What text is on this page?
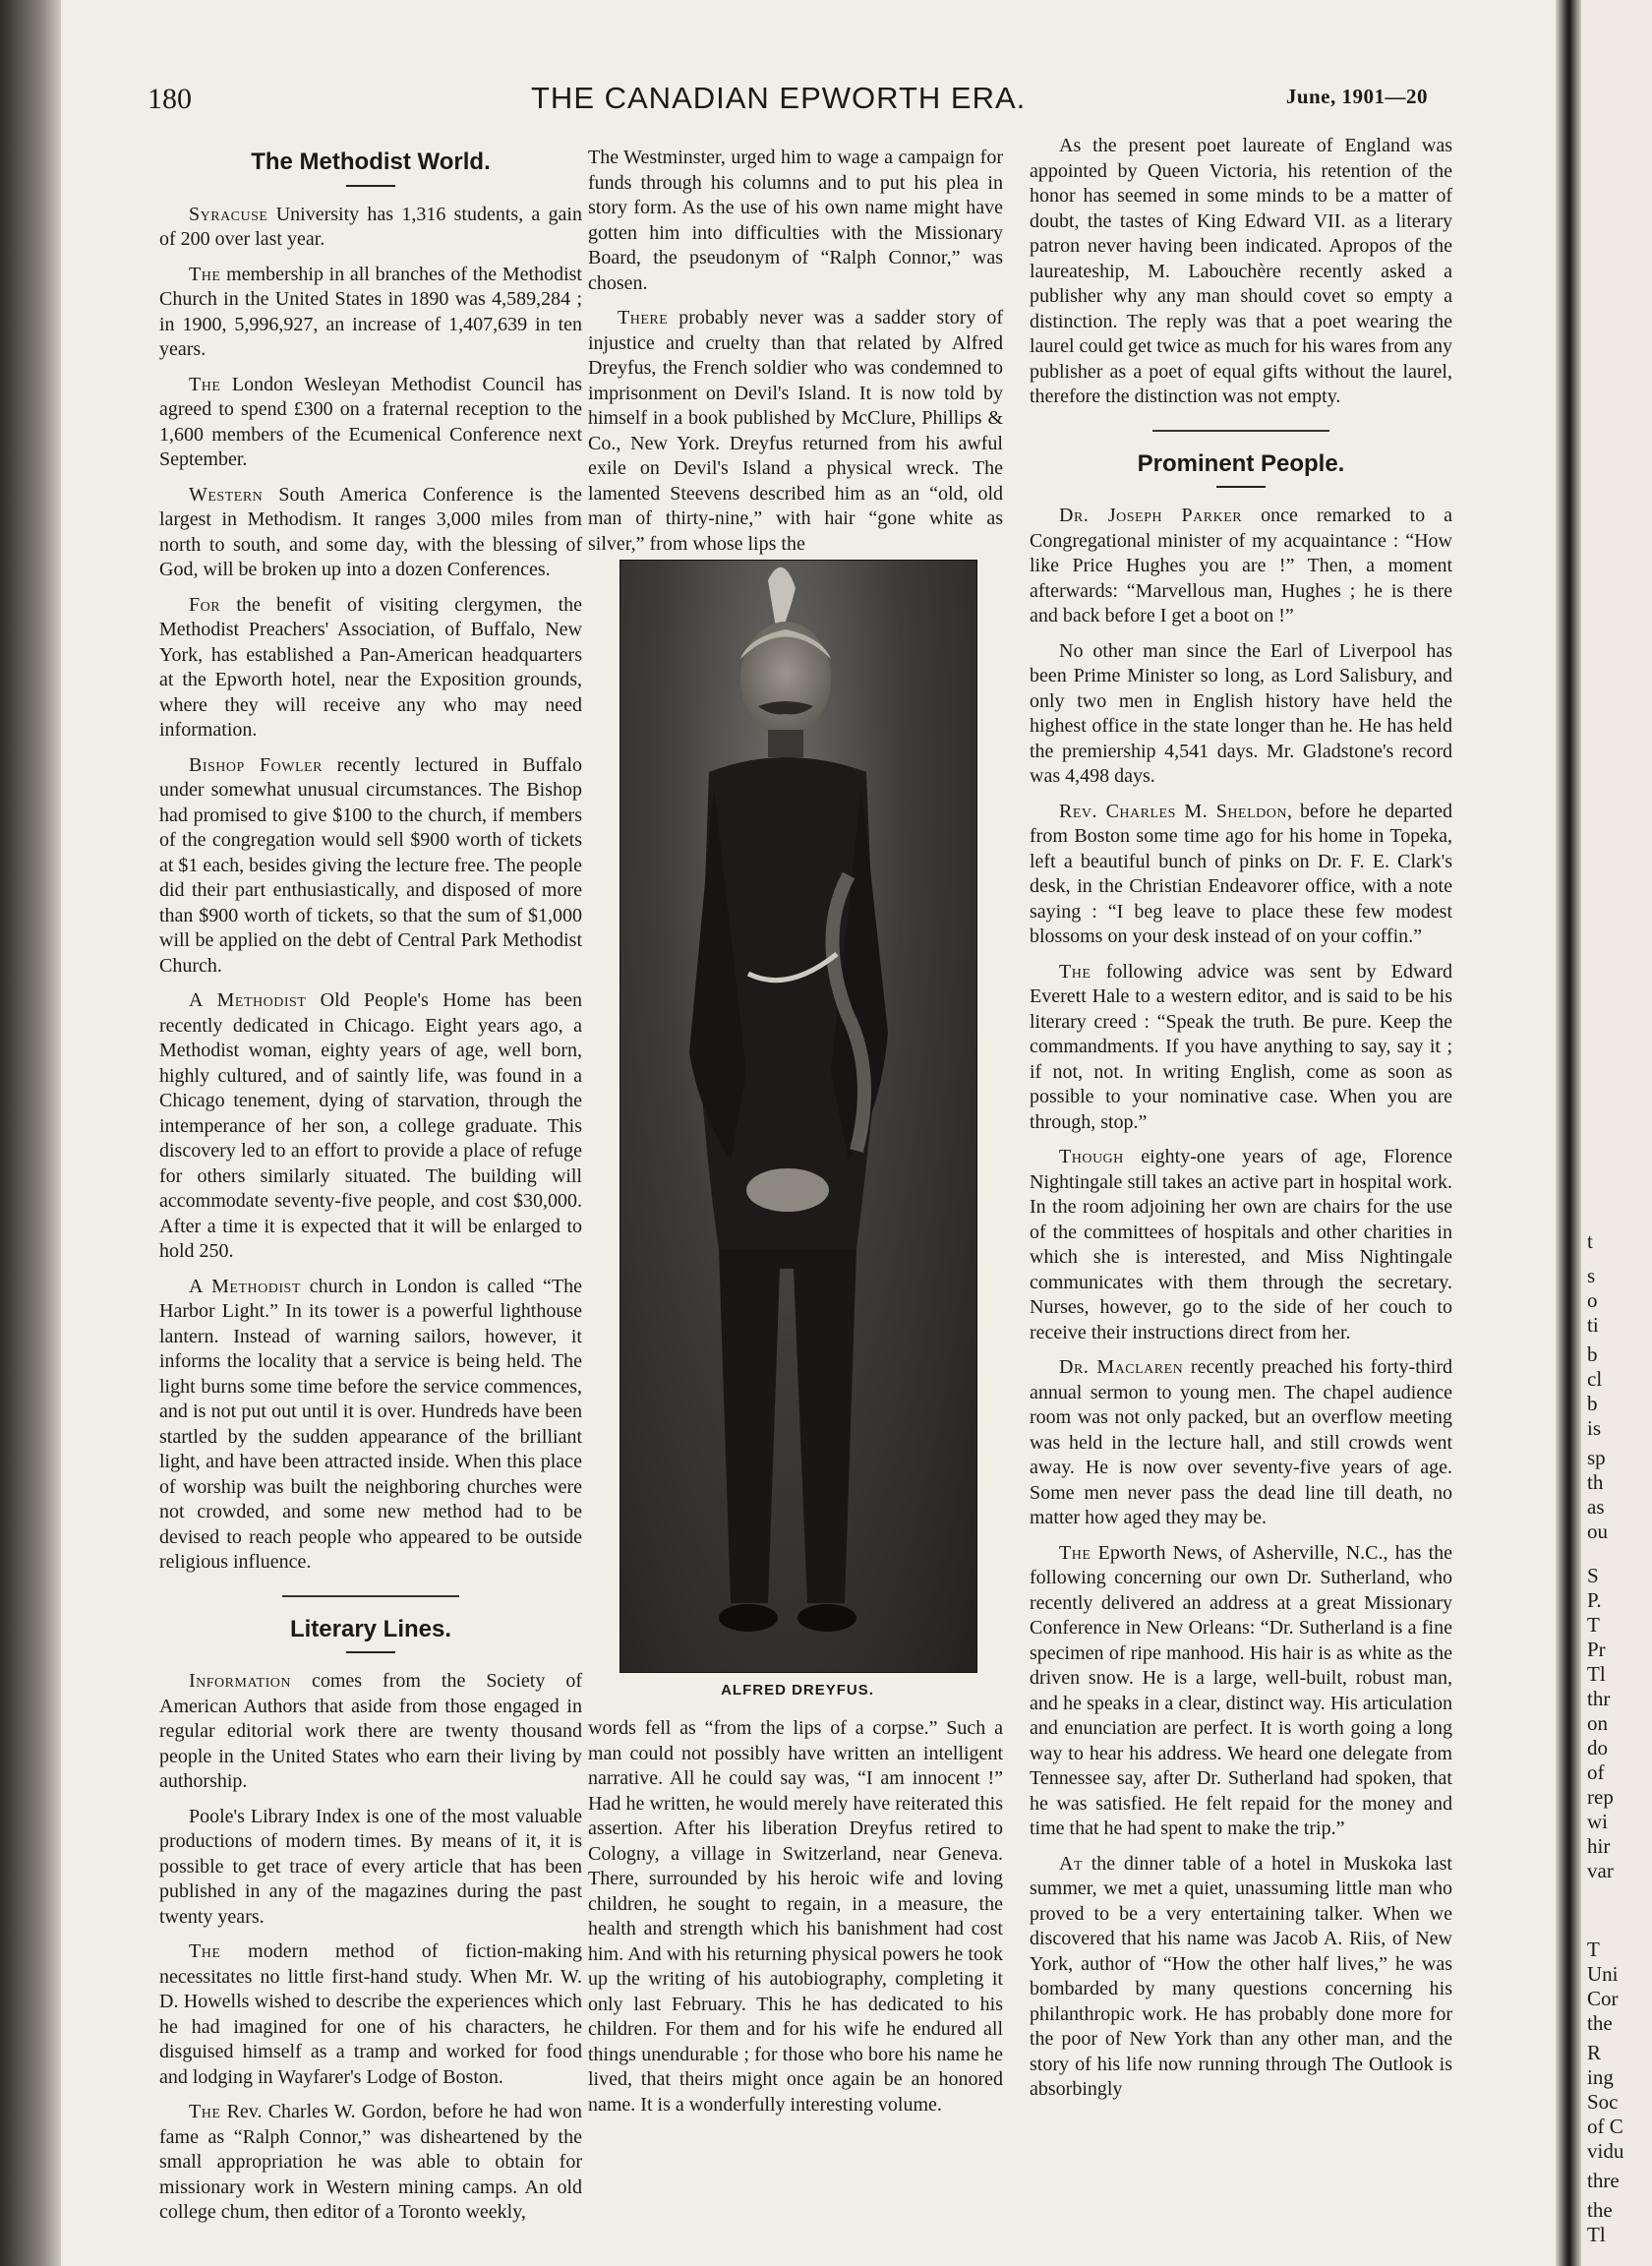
t
s
o
ti
b
cl
b
is
sp
th
as
ou
S
P.
T
Pr
Tl
thr
on
do
of
rep
wi
hir
var
T
Uni
Cor
the
R
ing
Soc
of C
vidu
thre
the
Tl
180	THE CANADIAN EPWORTH ERA.	June, 1901—20
The Methodist World.

Syracuse University has 1,316 students, a gain of 200 over last year.

The membership in all branches of the Methodist Church in the United States in 1890 was 4,589,284 ; in 1900, 5,996,927, an increase of 1,407,639 in ten years.

The London Wesleyan Methodist Council has agreed to spend £300 on a fraternal reception to the 1,600 members of the Ecumenical Conference next September.

Western South America Conference is the largest in Methodism. It ranges 3,000 miles from north to south, and some day, with the blessing of God, will be broken up into a dozen Conferences.

For the benefit of visiting clergymen, the Methodist Preachers' Association, of Buffalo, New York, has established a Pan-American headquarters at the Epworth hotel, near the Exposition grounds, where they will receive any who may need information.

Bishop Fowler recently lectured in Buffalo under somewhat unusual circumstances. The Bishop had promised to give $100 to the church, if members of the congregation would sell $900 worth of tickets at $1 each, besides giving the lecture free. The people did their part enthusiastically, and disposed of more than $900 worth of tickets, so that the sum of $1,000 will be applied on the debt of Central Park Methodist Church.

A Methodist Old People's Home has been recently dedicated in Chicago. Eight years ago, a Methodist woman, eighty years of age, well born, highly cultured, and of saintly life, was found in a Chicago tenement, dying of starvation, through the intemperance of her son, a college graduate. This discovery led to an effort to provide a place of refuge for others similarly situated. The building will accommodate seventy-five people, and cost $30,000. After a time it is expected that it will be enlarged to hold 250.

A Methodist church in London is called “The Harbor Light.” In its tower is a powerful lighthouse lantern. Instead of warning sailors, however, it informs the locality that a service is being held. The light burns some time before the service commences, and is not put out until it is over. Hundreds have been startled by the sudden appearance of the brilliant light, and have been attracted inside. When this place of worship was built the neighboring churches were not crowded, and some new method had to be devised to reach people who appeared to be outside religious influence.

Literary Lines.

Information comes from the Society of American Authors that aside from those engaged in regular editorial work there are twenty thousand people in the United States who earn their living by authorship.

Poole's Library Index is one of the most valuable productions of modern times. By means of it, it is possible to get trace of every article that has been published in any of the magazines during the past twenty years.

The modern method of fiction-making necessitates no little first-hand study. When Mr. W. D. Howells wished to describe the experiences which he had imagined for one of his characters, he disguised himself as a tramp and worked for food and lodging in Wayfarer's Lodge of Boston.

The Rev. Charles W. Gordon, before he had won fame as “Ralph Connor,” was disheartened by the small appropriation he was able to obtain for missionary work in Western mining camps. An old college chum, then editor of a Toronto weekly,

The Westminster, urged him to wage a campaign for funds through his columns and to put his plea in story form. As the use of his own name might have gotten him into difficulties with the Missionary Board, the pseudonym of “Ralph Connor,” was chosen.

There probably never was a sadder story of injustice and cruelty than that related by Alfred Dreyfus, the French soldier who was condemned to imprisonment on Devil's Island. It is now told by himself in a book published by McClure, Phillips & Co., New York. Dreyfus returned from his awful exile on Devil's Island a physical wreck. The lamented Steevens described him as an “old, old man of thirty-nine,” with hair “gone white as silver,” from whose lips the

ALFRED DREYFUS.

words fell as “from the lips of a corpse.” Such a man could not possibly have written an intelligent narrative. All he could say was, “I am innocent !” Had he written, he would merely have reiterated this assertion. After his liberation Dreyfus retired to Cologny, a village in Switzerland, near Geneva. There, surrounded by his heroic wife and loving children, he sought to regain, in a measure, the health and strength which his banishment had cost him. And with his returning physical powers he took up the writing of his autobiography, completing it only last February. This he has dedicated to his children. For them and for his wife he endured all things unendurable ; for those who bore his name he lived, that theirs might once again be an honored name. It is a wonderfully interesting volume.

As the present poet laureate of England was appointed by Queen Victoria, his retention of the honor has seemed in some minds to be a matter of doubt, the tastes of King Edward VII. as a literary patron never having been indicated. Apropos of the laureateship, M. Labouchère recently asked a publisher why any man should covet so empty a distinction. The reply was that a poet wearing the laurel could get twice as much for his wares from any publisher as a poet of equal gifts without the laurel, therefore the distinction was not empty.

Prominent People.

Dr. Joseph Parker once remarked to a Congregational minister of my acquaintance : “How like Price Hughes you are !” Then, a moment afterwards: “Marvellous man, Hughes ; he is there and back before I get a boot on !”

No other man since the Earl of Liverpool has been Prime Minister so long, as Lord Salisbury, and only two men in English history have held the highest office in the state longer than he. He has held the premiership 4,541 days. Mr. Gladstone's record was 4,498 days.

Rev. Charles M. Sheldon, before he departed from Boston some time ago for his home in Topeka, left a beautiful bunch of pinks on Dr. F. E. Clark's desk, in the Christian Endeavorer office, with a note saying : “I beg leave to place these few modest blossoms on your desk instead of on your coffin.”

The following advice was sent by Edward Everett Hale to a western editor, and is said to be his literary creed : “Speak the truth. Be pure. Keep the commandments. If you have anything to say, say it ; if not, not. In writing English, come as soon as possible to your nominative case. When you are through, stop.”

Though eighty-one years of age, Florence Nightingale still takes an active part in hospital work. In the room adjoining her own are chairs for the use of the committees of hospitals and other charities in which she is interested, and Miss Nightingale communicates with them through the secretary. Nurses, however, go to the side of her couch to receive their instructions direct from her.

Dr. Maclaren recently preached his forty-third annual sermon to young men. The chapel audience room was not only packed, but an overflow meeting was held in the lecture hall, and still crowds went away. He is now over seventy-five years of age. Some men never pass the dead line till death, no matter how aged they may be.

The Epworth News, of Asherville, N.C., has the following concerning our own Dr. Sutherland, who recently delivered an address at a great Missionary Conference in New Orleans: “Dr. Sutherland is a fine specimen of ripe manhood. His hair is as white as the driven snow. He is a large, well-built, robust man, and he speaks in a clear, distinct way. His articulation and enunciation are perfect. It is worth going a long way to hear his address. We heard one delegate from Tennessee say, after Dr. Sutherland had spoken, that he was satisfied. He felt repaid for the money and time that he had spent to make the trip.”

At the dinner table of a hotel in Muskoka last summer, we met a quiet, unassuming little man who proved to be a very entertaining talker. When we discovered that his name was Jacob A. Riis, of New York, author of “How the other half lives,” he was bombarded by many questions concerning his philanthropic work. He has probably done more for the poor of New York than any other man, and the story of his life now running through The Outlook is absorbingly
